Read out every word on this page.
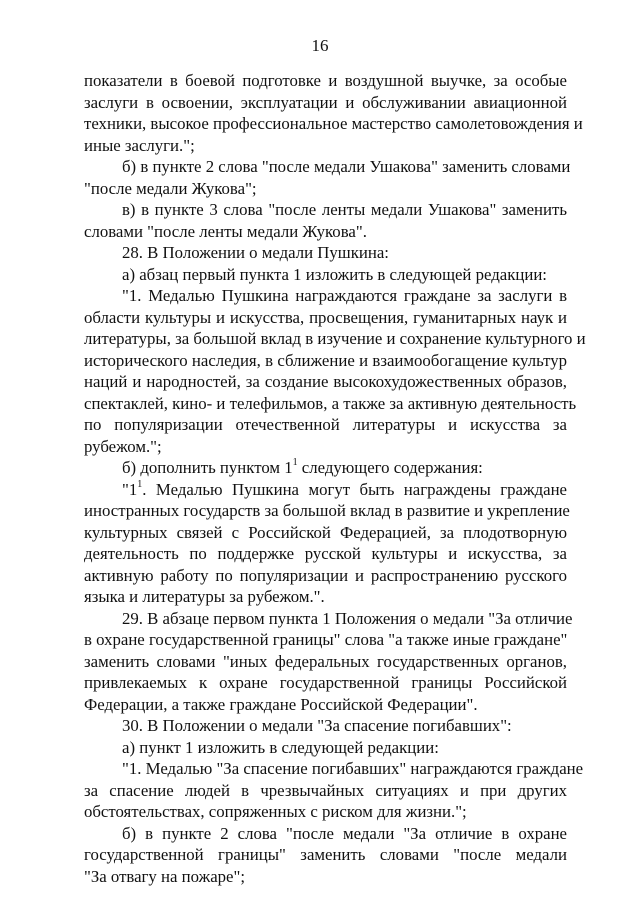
16
показатели в боевой подготовке и воздушной выучке, за особые
заслуги в освоении, эксплуатации и обслуживании авиационной
техники, высокое профессиональное мастерство самолетовождения и
иные заслуги.";
б) в пункте 2 слова "после медали Ушакова" заменить словами
"после медали Жукова";
в) в пункте 3 слова "после ленты медали Ушакова" заменить
словами "после ленты медали Жукова".
28. В Положении о медали Пушкина:
а) абзац первый пункта 1 изложить в следующей редакции:
"1. Медалью Пушкина награждаются граждане за заслуги в
области культуры и искусства, просвещения, гуманитарных наук и
литературы, за большой вклад в изучение и сохранение культурного и
исторического наследия, в сближение и взаимообогащение культур
наций и народностей, за создание высокохудожественных образов,
спектаклей, кино- и телефильмов, а также за активную деятельность
по популяризации отечественной литературы и искусства за
рубежом.";
б) дополнить пунктом $1^1$ следующего содержания:
"$1^1$. Медалью Пушкина могут быть награждены граждане
иностранных государств за большой вклад в развитие и укрепление
культурных связей с Российской Федерацией, за плодотворную
деятельность по поддержке русской культуры и искусства, за
активную работу по популяризации и распространению русского
языка и литературы за рубежом.".
29. В абзаце первом пункта 1 Положения о медали "За отличие
в охране государственной границы" слова "а также иные граждане"
заменить словами "иных федеральных государственных органов,
привлекаемых к охране государственной границы Российской
Федерации, а также граждане Российской Федерации".
30. В Положении о медали "За спасение погибавших":
а) пункт 1 изложить в следующей редакции:
"1. Медалью "За спасение погибавших" награждаются граждане
за спасение людей в чрезвычайных ситуациях и при других
обстоятельствах, сопряженных с риском для жизни.";
б) в пункте 2 слова "после медали "За отличие в охране
государственной границы" заменить словами "после медали
"За отвагу на пожаре";
